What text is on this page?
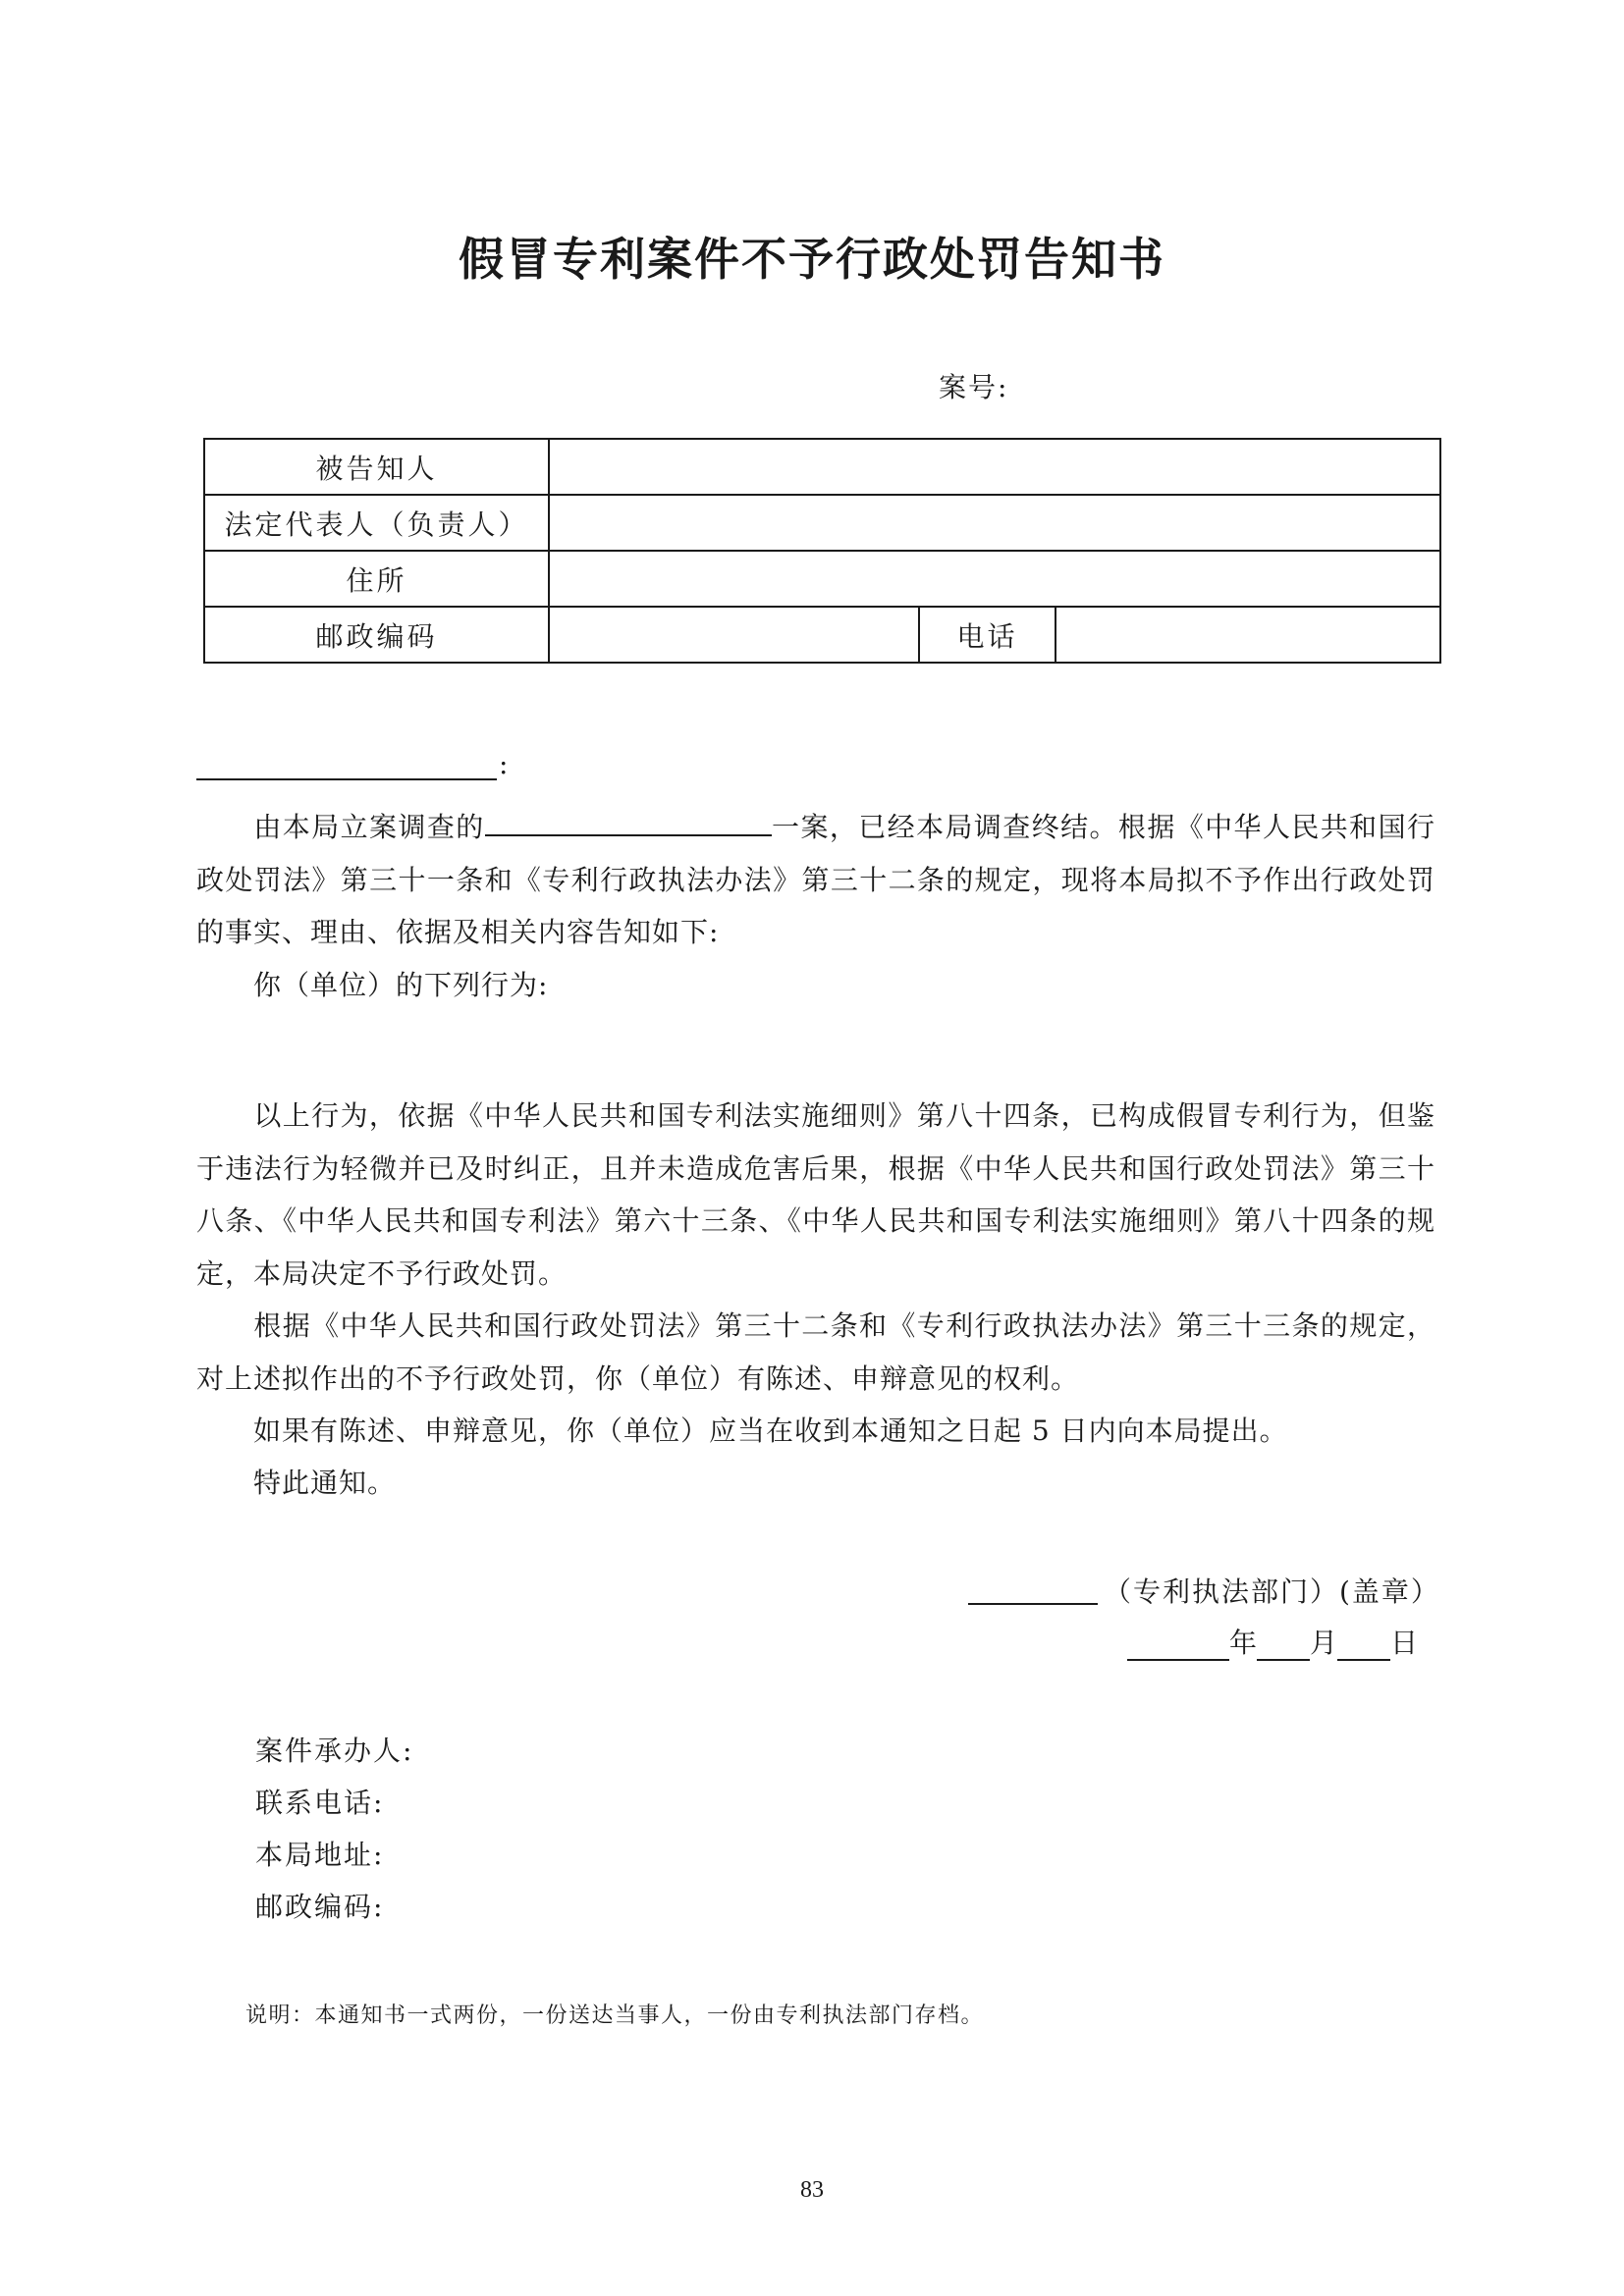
假冒专利案件不予行政处罚告知书
案号:
被告知人			
法定代表人（负责人）			
住所			
邮政编码		电话	
:
由本局立案调查的	一案，已经本局调查终结。根据《中华人民共和国行政处罚法》第三十一条和《专利行政执法办法》第三十二条的规定，现将本局拟不予作出行政处罚的事实、理由、依据及相关内容告知如下:
你（单位）的下列行为:
以上行为，依据《中华人民共和国专利法实施细则》第八十四条，已构成假冒专利行为，但鉴于违法行为轻微并已及时纠正，且并未造成危害后果，根据《中华人民共和国行政处罚法》第三十八条、《中华人民共和国专利法》第六十三条、《中华人民共和国专利法实施细则》第八十四条的规定，本局决定不予行政处罚。
根据《中华人民共和国行政处罚法》第三十二条和《专利行政执法办法》第三十三条的规定，对上述拟作出的不予行政处罚，你（单位）有陈述、申辩意见的权利。
如果有陈述、申辩意见，你（单位）应当在收到本通知之日起 5 日内向本局提出。
特此通知。
（专利执法部门）(盖章）
年 月 日
案件承办人:
联系电话:
本局地址:
邮政编码:
说明：本通知书一式两份，一份送达当事人，一份由专利执法部门存档。
83
